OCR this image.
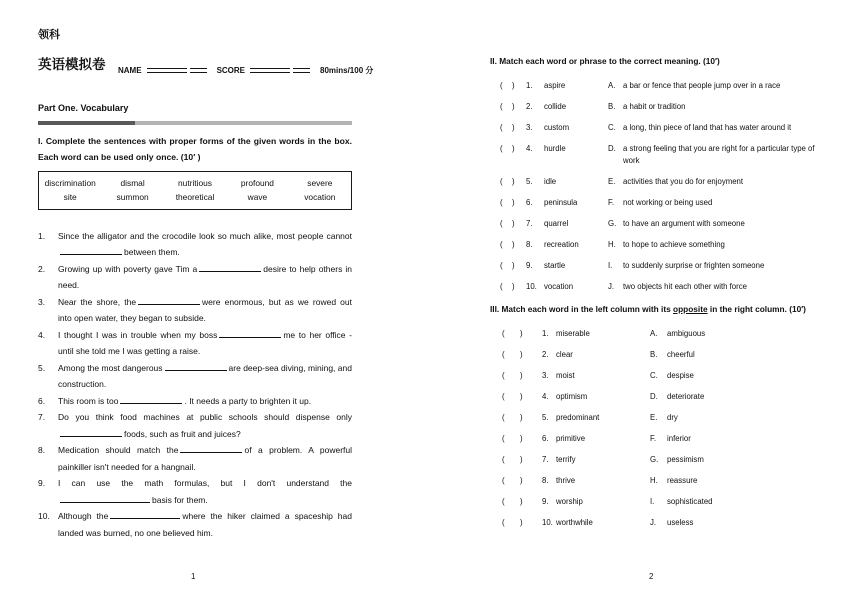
领科
英语模拟卷	NAME	SCORE	80mins/100 分
Part One. Vocabulary
I. Complete the sentences with proper forms of the given words in the box. Each word can be used only once. (10′ )
discrimination	dismal	nutritious	profound	severe
site	summon	theoretical	wave	vocation
1. Since the alligator and the crocodile look so much alike, most people cannotbetween them.
2. Growing up with poverty gave Tim a	desire to help others in need.
3. Near the shore, the	were enormous, but as we rowed out into open water, they began to subside.
4. I thought I was in trouble when my boss	me to her office - until she told me I was getting a raise.
5. Among the most dangerous	are deep-sea diving, mining, and construction.
6. This room is too	. It needs a party to brighten it up.
7. Do you think food machines at public schools should dispense onlyfoods, such as fruit and juices?
8. Medication should match the	of a problem. A powerful painkiller isn't needed for a hangnail.
9. I can use the math formulas, but I don't understand thebasis for them.
10. Although the	where the hiker claimed a spaceship had landed was burned, no one believed him.
II. Match each word or phrase to the correct meaning. (10′)
(	)	1.	aspire	A. a bar or fence that people jump over in a race
(	)	2.	collide	B. a habit or tradition
(	)	3.	custom	C. a long, thin piece of land that has water around it
(	)	4.	hurdle	D. a strong feeling that you are right for a particular type of work
(	)	5.	idle	E. activities that you do for enjoyment
(	)	6.	peninsula	F.	not working or being used
(	)	7.	quarrel	G. to have an argument with someone
(	)	8.	recreation	H. to hope to achieve something
(	)	9.	startle	I.	to suddenly surprise or frighten someone
(	)	10. vocation	J.	two objects hit each other with force
III. Match each word in the left column with its opposite in the right column. (10′)
(	)	1. miserable	A.	ambiguous
(	)	2. clear	B.	cheerful
(	)	3. moist	C.	despise
(	)	4. optimism	D.	deteriorate
(	)	5. predominant	E.	dry
(	)	6. primitive	F.	inferior
(	)	7. terrify	G.	pessimism
(	)	8. thrive	H.	reassure
(	)	9. worship	I.	sophisticated
(	)	10. worthwhile	J.	useless
1	2
